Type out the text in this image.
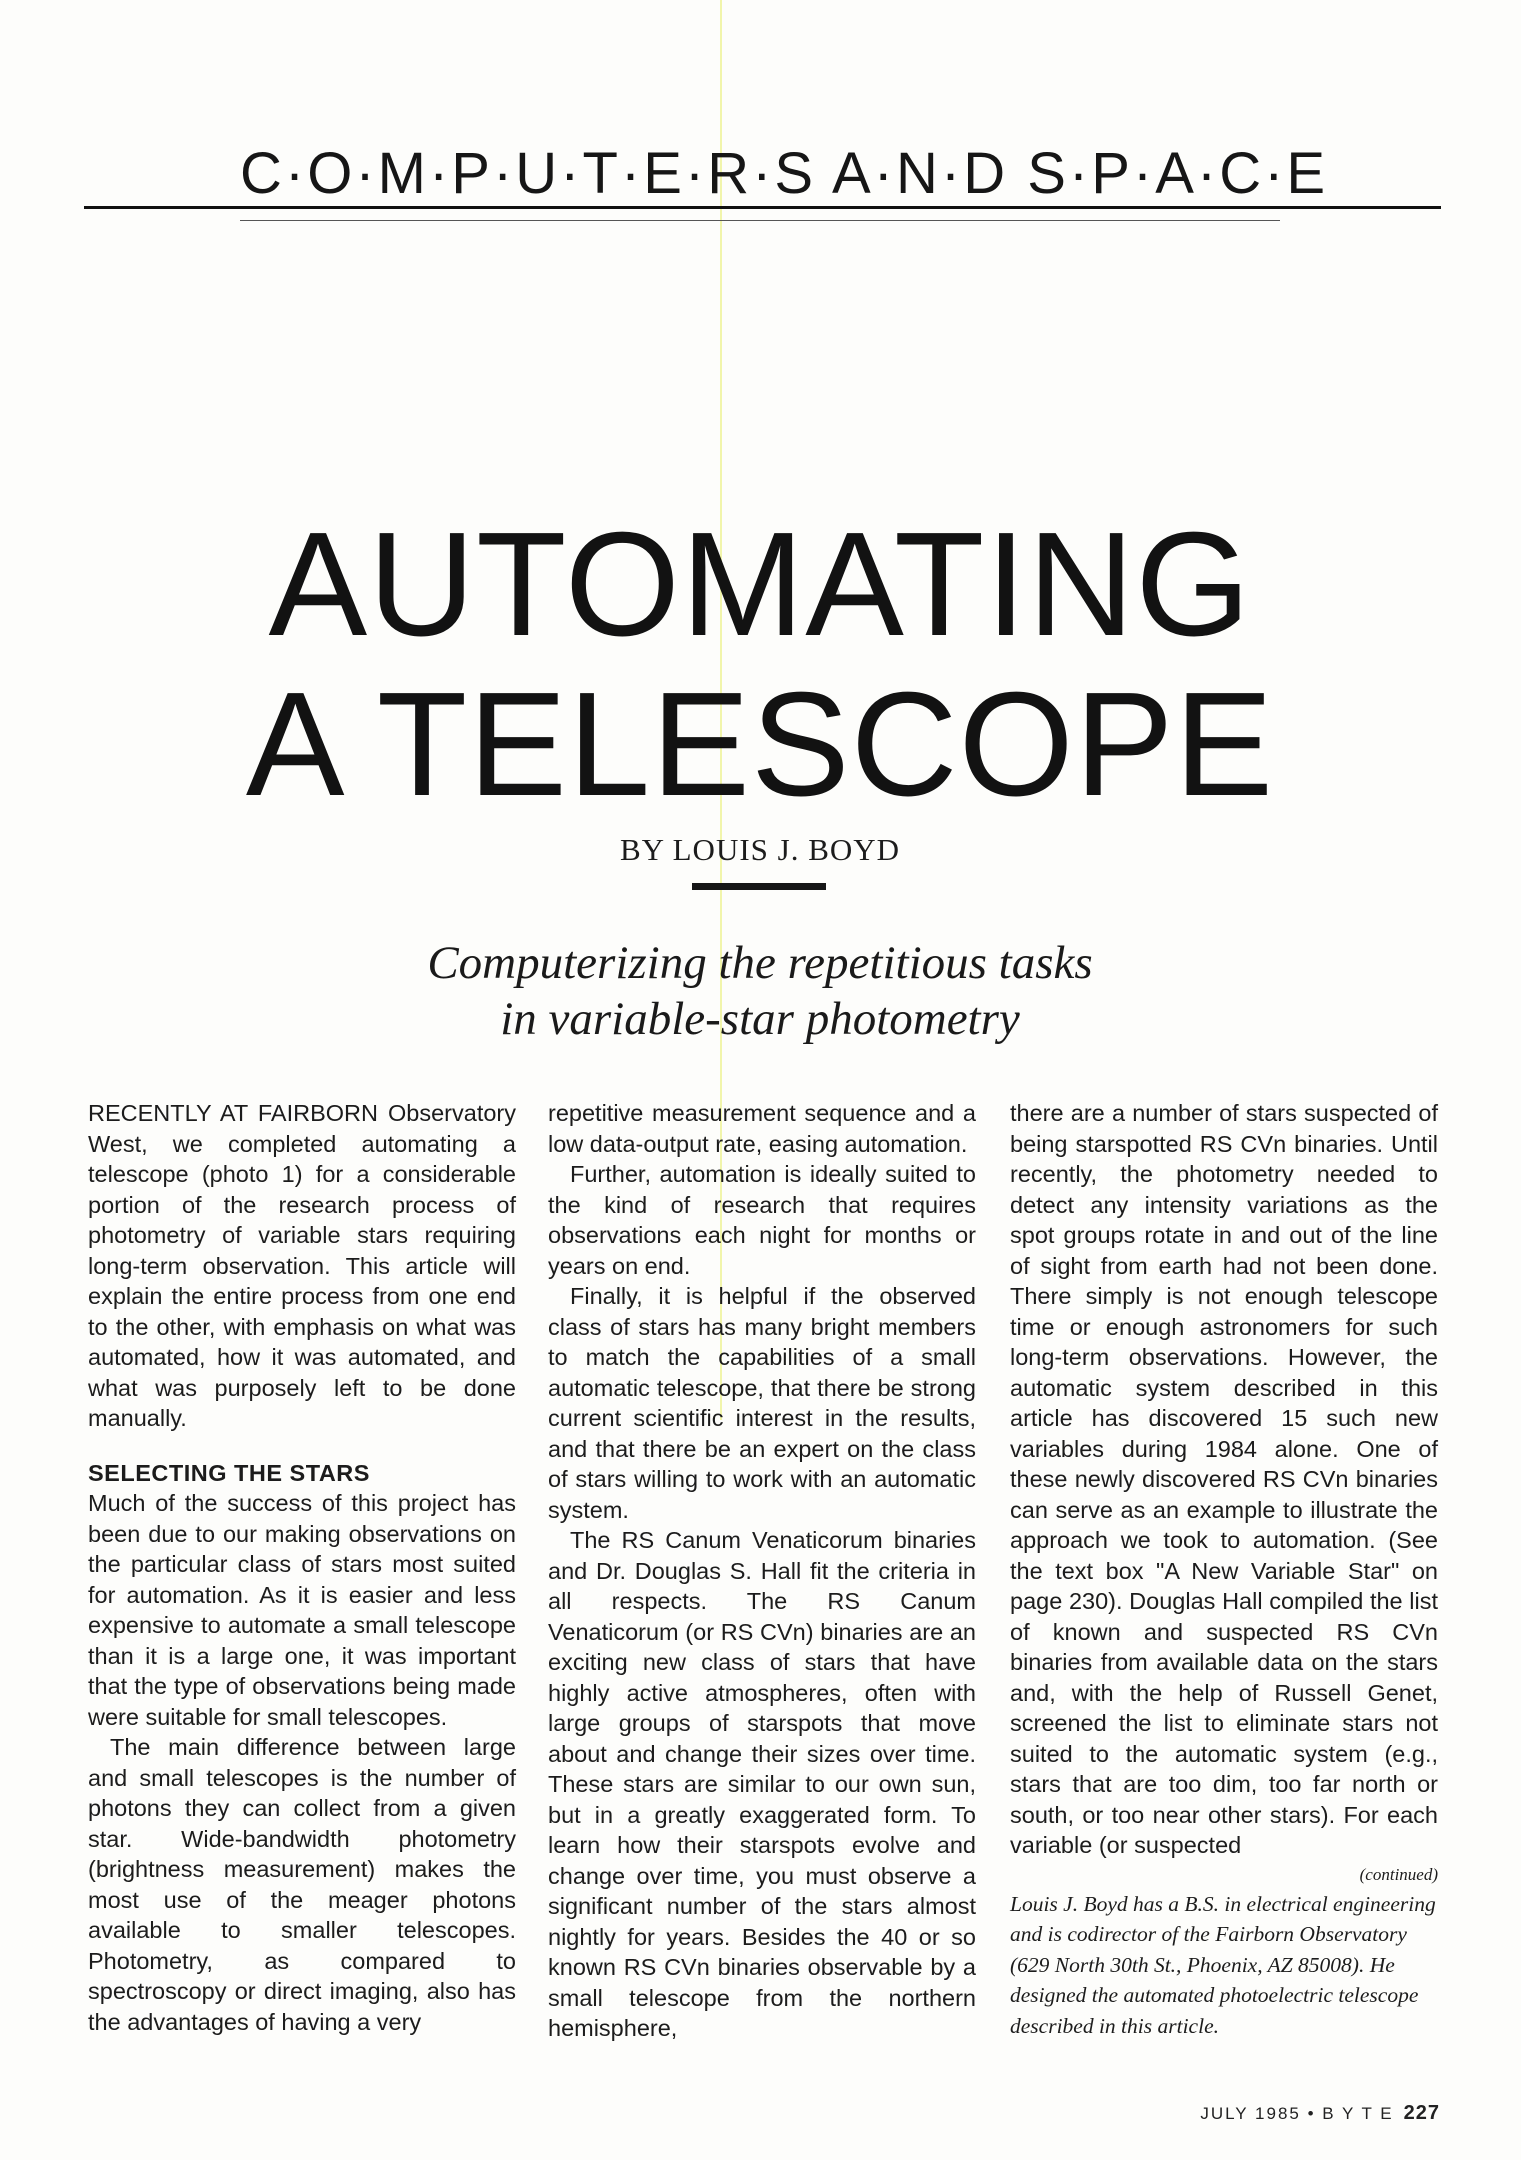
C·O·M·P·U·T·E·R·S A·N·D S·P·A·C·E
AUTOMATING
A TELESCOPE
BY LOUIS J. BOYD
Computerizing the repetitious tasks
in variable-star photometry

RECENTLY AT FAIRBORN Observatory West, we completed automating a telescope (photo 1) for a considerable portion of the research process of photometry of variable stars requiring long-term observation. This article will explain the entire process from one end to the other, with emphasis on what was automated, how it was automated, and what was purposely left to be done manually.

SELECTING THE STARS

Much of the success of this project has been due to our making observations on the particular class of stars most suited for automation. As it is easier and less expensive to automate a small telescope than it is a large one, it was important that the type of observations being made were suitable for small telescopes.

The main difference between large and small telescopes is the number of photons they can collect from a given star. Wide-bandwidth photometry (brightness measurement) makes the most use of the meager photons available to smaller telescopes. Photometry, as compared to spectroscopy or direct imaging, also has the advantages of having a very

repetitive measurement sequence and a low data-output rate, easing automation.

Further, automation is ideally suited to the kind of research that requires observations each night for months or years on end.

Finally, it is helpful if the observed class of stars has many bright members to match the capabilities of a small automatic telescope, that there be strong current scientific interest in the results, and that there be an expert on the class of stars willing to work with an automatic system.

The RS Canum Venaticorum binaries and Dr. Douglas S. Hall fit the criteria in all respects. The RS Canum Venaticorum (or RS CVn) binaries are an exciting new class of stars that have highly active atmospheres, often with large groups of starspots that move about and change their sizes over time. These stars are similar to our own sun, but in a greatly exaggerated form. To learn how their starspots evolve and change over time, you must observe a significant number of the stars almost nightly for years. Besides the 40 or so known RS CVn binaries observable by a small telescope from the northern hemisphere,

there are a number of stars suspected of being starspotted RS CVn binaries. Until recently, the photometry needed to detect any intensity variations as the spot groups rotate in and out of the line of sight from earth had not been done. There simply is not enough telescope time or enough astronomers for such long-term observations. However, the automatic system described in this article has discovered 15 such new variables during 1984 alone. One of these newly discovered RS CVn binaries can serve as an example to illustrate the approach we took to automation. (See the text box "A New Variable Star" on page 230). Douglas Hall compiled the list of known and suspected RS CVn binaries from available data on the stars and, with the help of Russell Genet, screened the list to eliminate stars not suited to the automatic system (e.g., stars that are too dim, too far north or south, or too near other stars). For each variable (or suspected

(continued)
Louis J. Boyd has a B.S. in electrical engineering and is codirector of the Fairborn Observatory (629 North 30th St., Phoenix, AZ 85008). He designed the automated photoelectric telescope described in this article.
JULY 1985 • B Y T E 227
